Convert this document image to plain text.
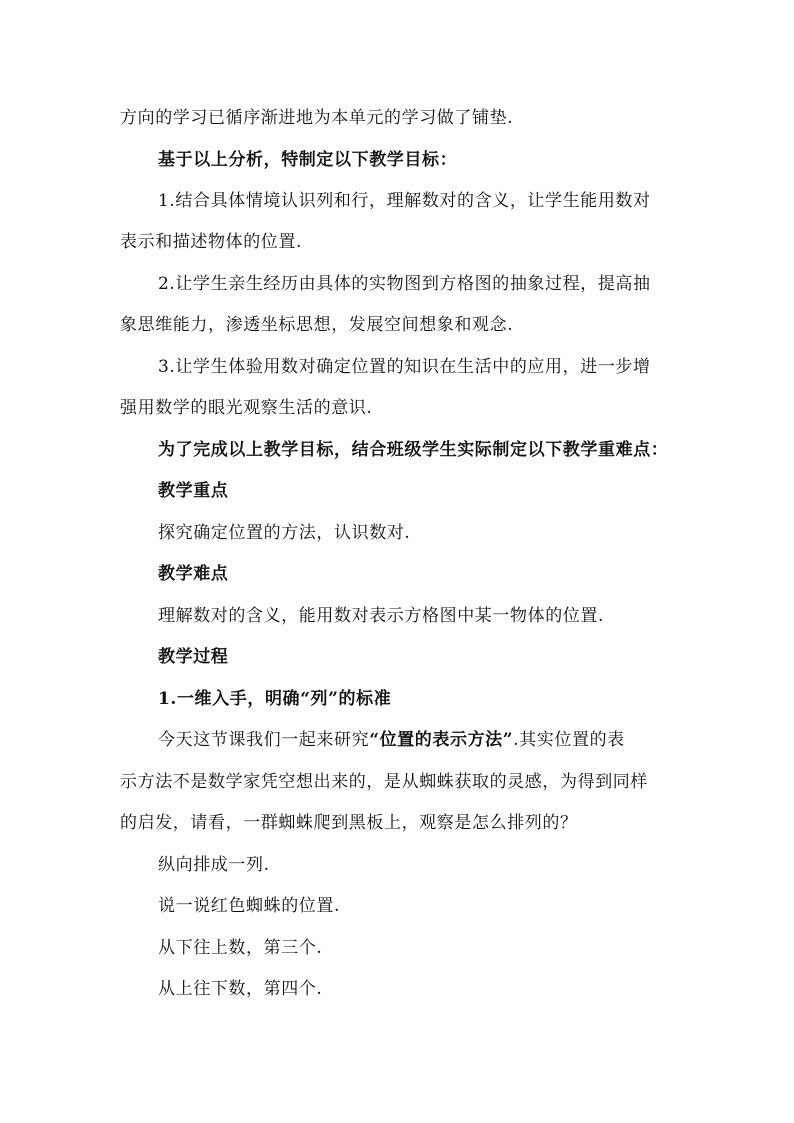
方向的学习已循序渐进地为本单元的学习做了铺垫.
基于以上分析，特制定以下教学目标：
1.结合具体情境认识列和行，理解数对的含义，让学生能用数对
表示和描述物体的位置.
2.让学生亲生经历由具体的实物图到方格图的抽象过程，提高抽
象思维能力，渗透坐标思想，发展空间想象和观念.
3.让学生体验用数对确定位置的知识在生活中的应用，进一步增
强用数学的眼光观察生活的意识.
为了完成以上教学目标，结合班级学生实际制定以下教学重难点：
教学重点
探究确定位置的方法，认识数对.
教学难点
理解数对的含义，能用数对表示方格图中某一物体的位置.
教学过程
1.一维入手，明确“列”的标准
今天这节课我们一起来研究“位置的表示方法”.其实位置的表
示方法不是数学家凭空想出来的，是从蜘蛛获取的灵感，为得到同样
的启发，请看，一群蜘蛛爬到黑板上，观察是怎么排列的？
纵向排成一列.
说一说红色蜘蛛的位置.
从下往上数，第三个.
从上往下数，第四个.
